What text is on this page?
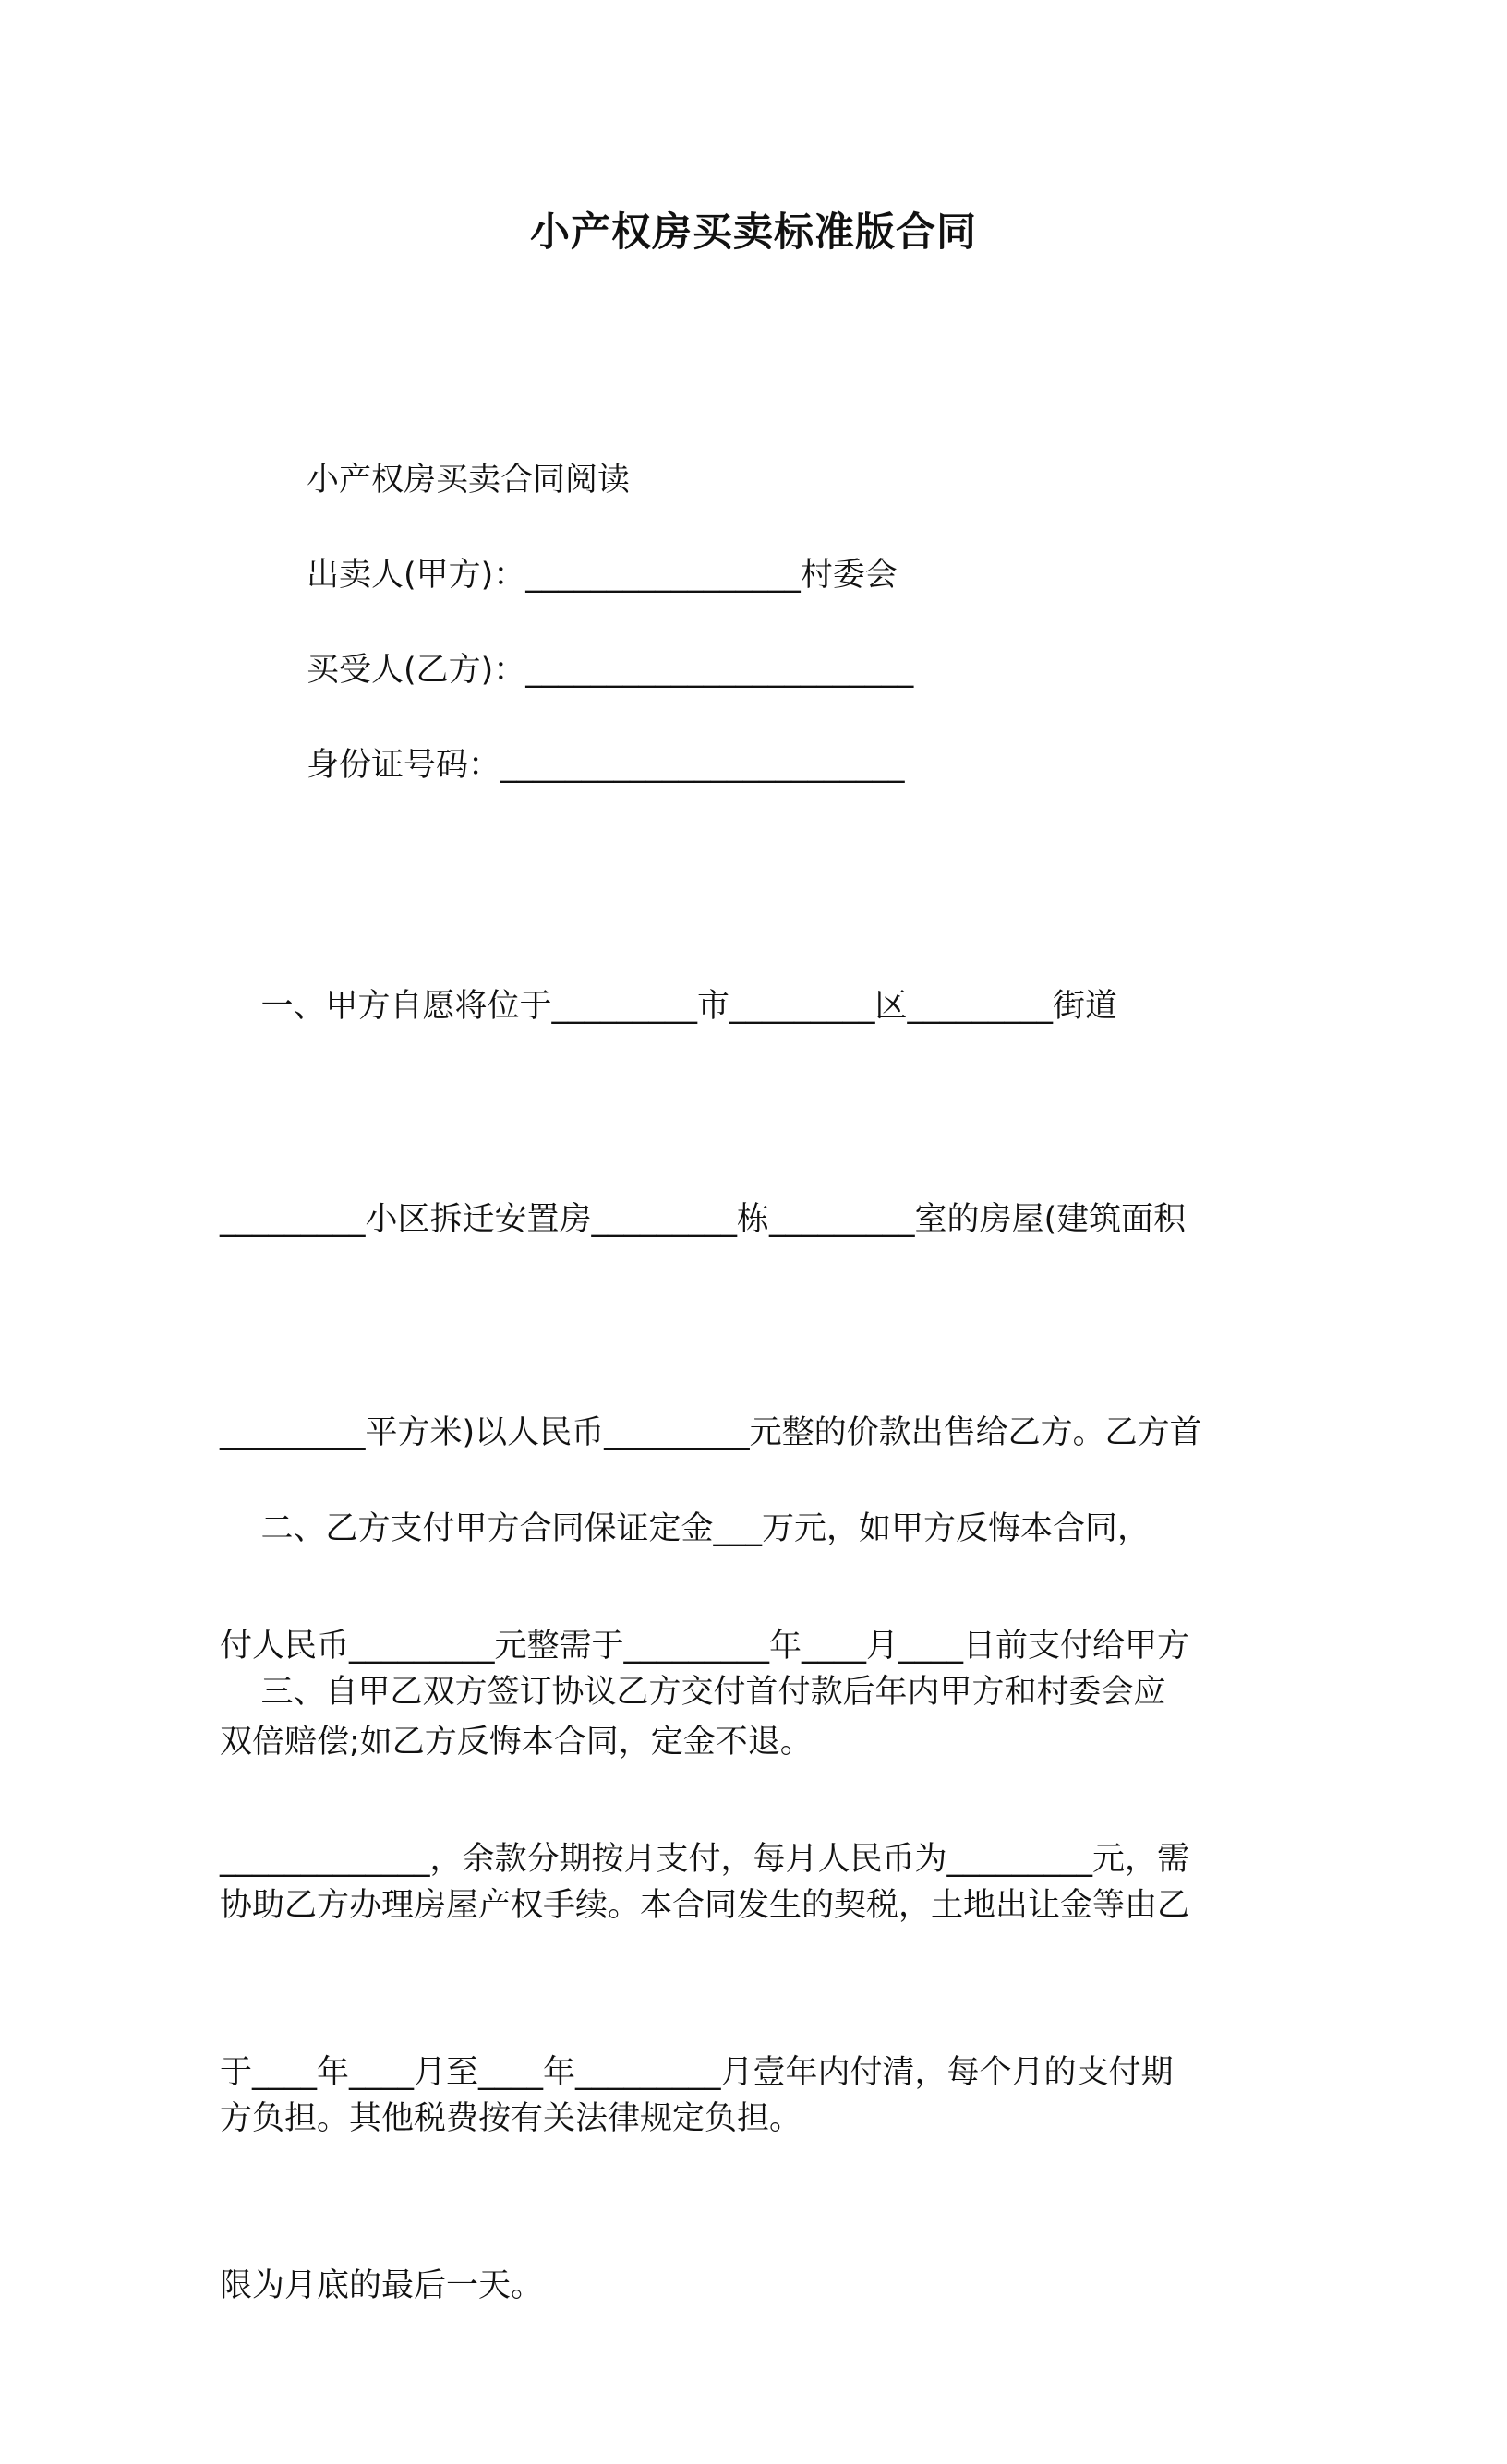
小产权房买卖标准版合同
小产权房买卖合同阅读
出卖人(甲方)：_________________村委会
买受人(乙方)：________________________
身份证号码：_________________________

一、甲方自愿将位于_________市_________区_________街道

_________小区拆迁安置房_________栋_________室的房屋(建筑面积

_________平方米)以人民币_________元整的价款出售给乙方。乙方首

付人民币_________元整需于_________年____月____日前支付给甲方

_____________，余款分期按月支付，每月人民币为_________元，需

于____年____月至____年_________月壹年内付清，每个月的支付期

限为月底的最后一天。

二、乙方支付甲方合同保证定金___万元，如甲方反悔本合同，

双倍赔偿;如乙方反悔本合同，定金不退。

三、自甲乙双方签订协议乙方交付首付款后年内甲方和村委会应

协助乙方办理房屋产权手续。本合同发生的契税，土地出让金等由乙

方负担。其他税费按有关法律规定负担。
